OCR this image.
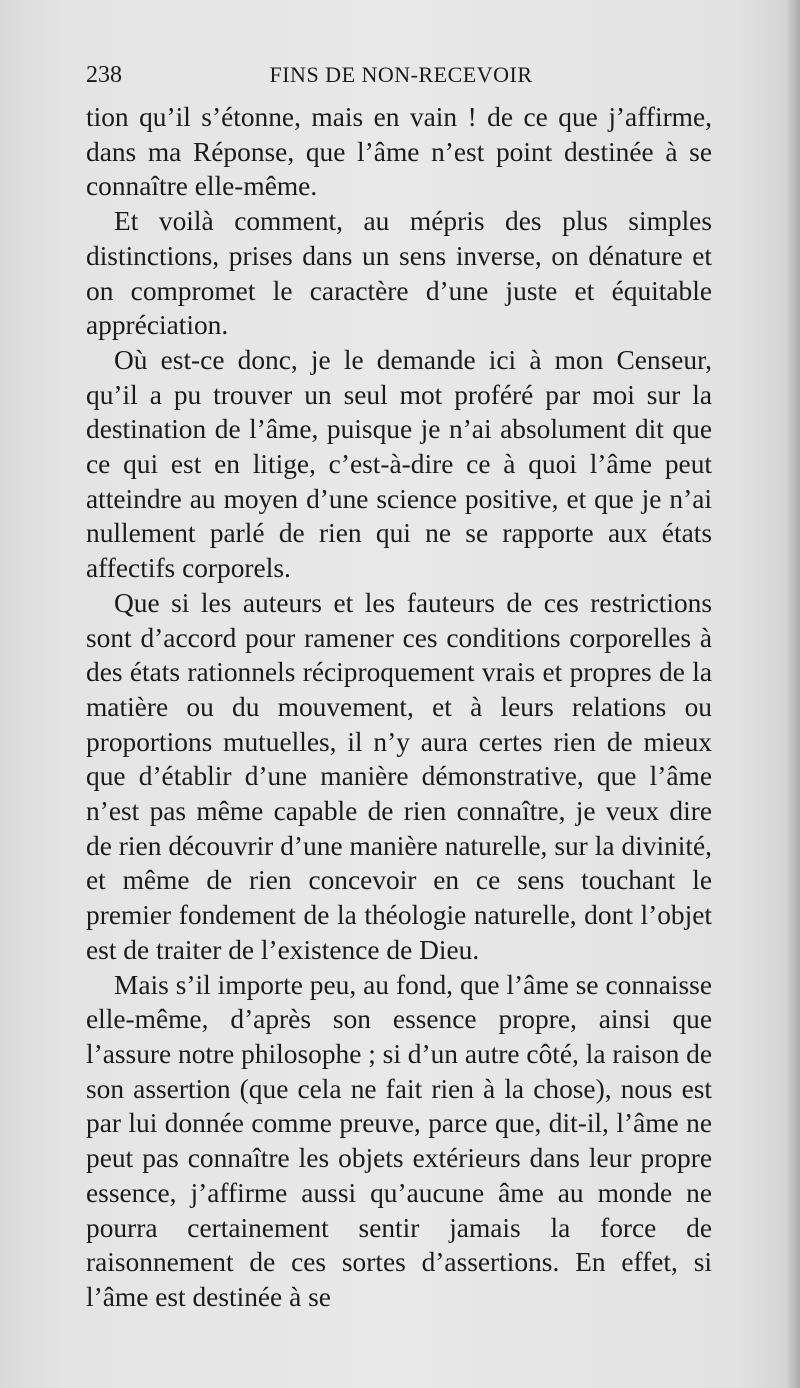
238	FINS DE NON-RECEVOIR

tion qu’il s’étonne, mais en vain ! de ce que j’affirme, dans ma Réponse, que l’âme n’est point destinée à se connaître elle-même.

Et voilà comment, au mépris des plus simples distinctions, prises dans un sens inverse, on dénature et on compromet le caractère d’une juste et équitable appréciation.

Où est-ce donc, je le demande ici à mon Censeur, qu’il a pu trouver un seul mot proféré par moi sur la destination de l’âme, puisque je n’ai absolument dit que ce qui est en litige, c’est-à-dire ce à quoi l’âme peut atteindre au moyen d’une science positive, et que je n’ai nullement parlé de rien qui ne se rapporte aux états affectifs corporels.

Que si les auteurs et les fauteurs de ces restrictions sont d’accord pour ramener ces conditions corporelles à des états rationnels réciproquement vrais et propres de la matière ou du mouvement, et à leurs relations ou proportions mutuelles, il n’y aura certes rien de mieux que d’établir d’une manière démonstrative, que l’âme n’est pas même capable de rien connaître, je veux dire de rien découvrir d’une manière naturelle, sur la divinité, et même de rien concevoir en ce sens touchant le premier fondement de la théologie naturelle, dont l’objet est de traiter de l’existence de Dieu.

Mais s’il importe peu, au fond, que l’âme se connaisse elle-même, d’après son essence propre, ainsi que l’assure notre philosophe ; si d’un autre côté, la raison de son assertion (que cela ne fait rien à la chose), nous est par lui donnée comme preuve, parce que, dit-il, l’âme ne peut pas connaître les objets extérieurs dans leur propre essence, j’affirme aussi qu’aucune âme au monde ne pourra certainement sentir jamais la force de raisonnement de ces sortes d’assertions. En effet, si l’âme est destinée à se
